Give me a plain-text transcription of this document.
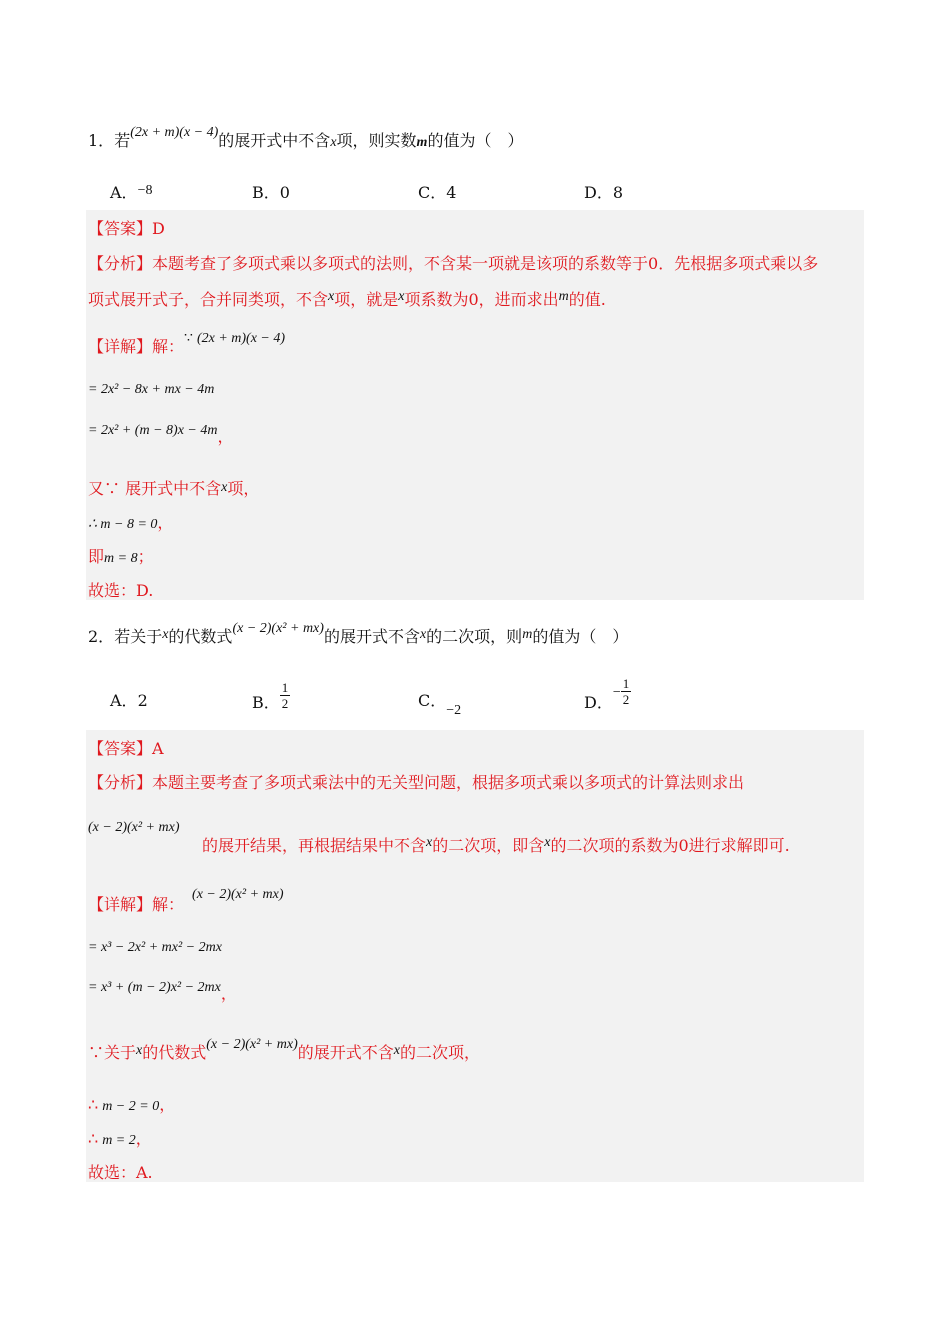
1．若(2x + m)(x − 4)的展开式中不含x项，则实数m的值为（　）
A．−8	B．0	C．4	D．8
【答案】D
【分析】本题考查了多项式乘以多项式的法则，不含某一项就是该项的系数等于0．先根据多项式乘以多
项式展开式子，合并同类项，不含x项，就是x项系数为0，进而求出m的值.
【详解】解：∵ (2x + m)(x − 4)
= 2x² − 8x + mx − 4m
= 2x² + (m − 8)x − 4m，
又∵ 展开式中不含x项，
∴ m − 8 = 0，
即m = 8；
故选：D.
2．若关于x的代数式(x − 2)(x² + mx)的展开式不含x的二次项，则m的值为（　）
A．2	B． $\frac{1}{2}$	C．−2	D．− $\frac{1}{2}$
【答案】A
【分析】本题主要考查了多项式乘法中的无关型问题，根据多项式乘以多项式的计算法则求出
(x − 2)(x² + mx)
的展开结果，再根据结果中不含x的二次项，即含x的二次项的系数为0进行求解即可.
【详解】解：(x − 2)(x² + mx)
= x³ − 2x² + mx² − 2mx
= x³ + (m − 2)x² − 2mx，
∵关于x的代数式(x − 2)(x² + mx)的展开式不含x的二次项，
∴ m − 2 = 0，
∴ m = 2，
故选：A.
